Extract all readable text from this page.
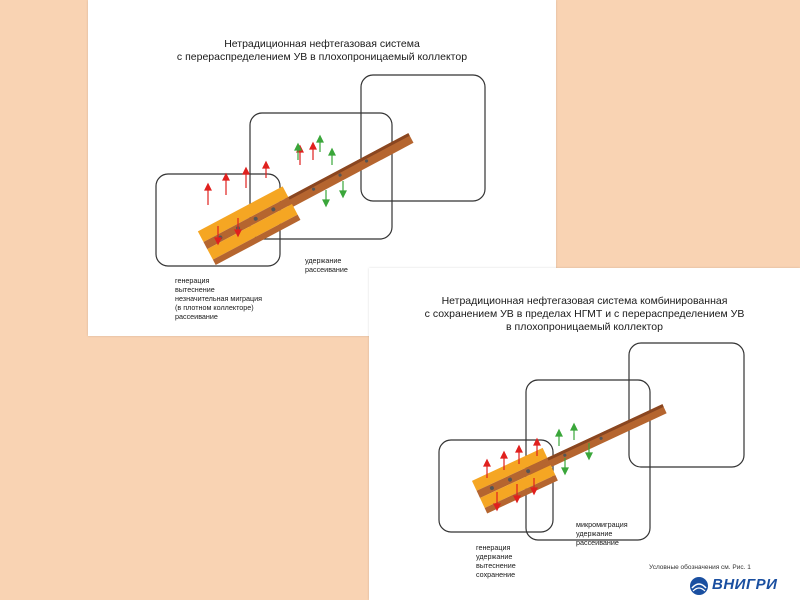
Нетрадиционная нефтегазовая система
с перераспределением УВ в плохопроницаемый коллектор
генерация
вытеснение
незначительная миграция
(в плотном коллекторе)
рассеивание
удержание
рассеивание
Нетрадиционная нефтегазовая система комбинированная
с сохранением УВ в пределах НГМТ и с перераспределением УВ
в плохопроницаемый коллектор
генерация
удержание
вытеснение
сохранение
микромиграция
удержание
рассеивание
Условные обозначения см. Рис. 1
ВНИГРИ
